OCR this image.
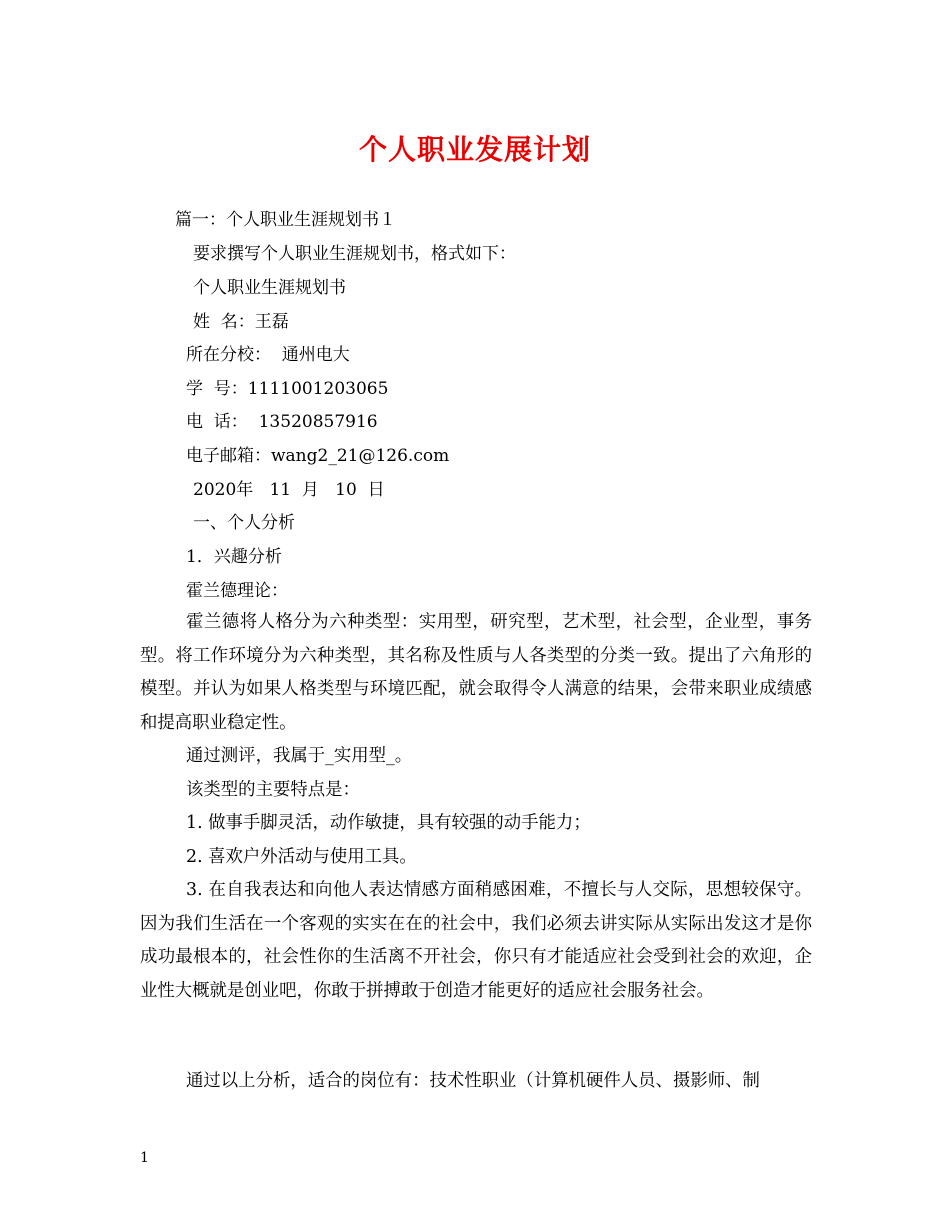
个人职业发展计划
篇一：个人职业生涯规划书１
要求撰写个人职业生涯规划书，格式如下：
个人职业生涯规划书
姓  名：王磊
所在分校：  通州电大
学  号：1111001203065
电  话：  13520857916
电子邮箱：wang2_21@126.com
2020年   11  月   10  日
一、个人分析
1．兴趣分析
霍兰德理论：
霍兰德将人格分为六种类型：实用型，研究型，艺术型，社会型，企业型，事务型。将工作环境分为六种类型，其名称及性质与人各类型的分类一致。提出了六角形的模型。并认为如果人格类型与环境匹配，就会取得令人满意的结果，会带来职业成绩感和提高职业稳定性。
通过测评，我属于_实用型_。
该类型的主要特点是：
1. 做事手脚灵活，动作敏捷，具有较强的动手能力；
2. 喜欢户外活动与使用工具。
3. 在自我表达和向他人表达情感方面稍感困难，不擅长与人交际，思想较保守。 因为我们生活在一个客观的实实在在的社会中，我们必须去讲实际从实际出发这才是你成功最根本的，社会性你的生活离不开社会，你只有才能适应社会受到社会的欢迎，企业性大概就是创业吧，你敢于拼搏敢于创造才能更好的适应社会服务社会。
通过以上分析，适合的岗位有：技术性职业（计算机硬件人员、摄影师、制
1
